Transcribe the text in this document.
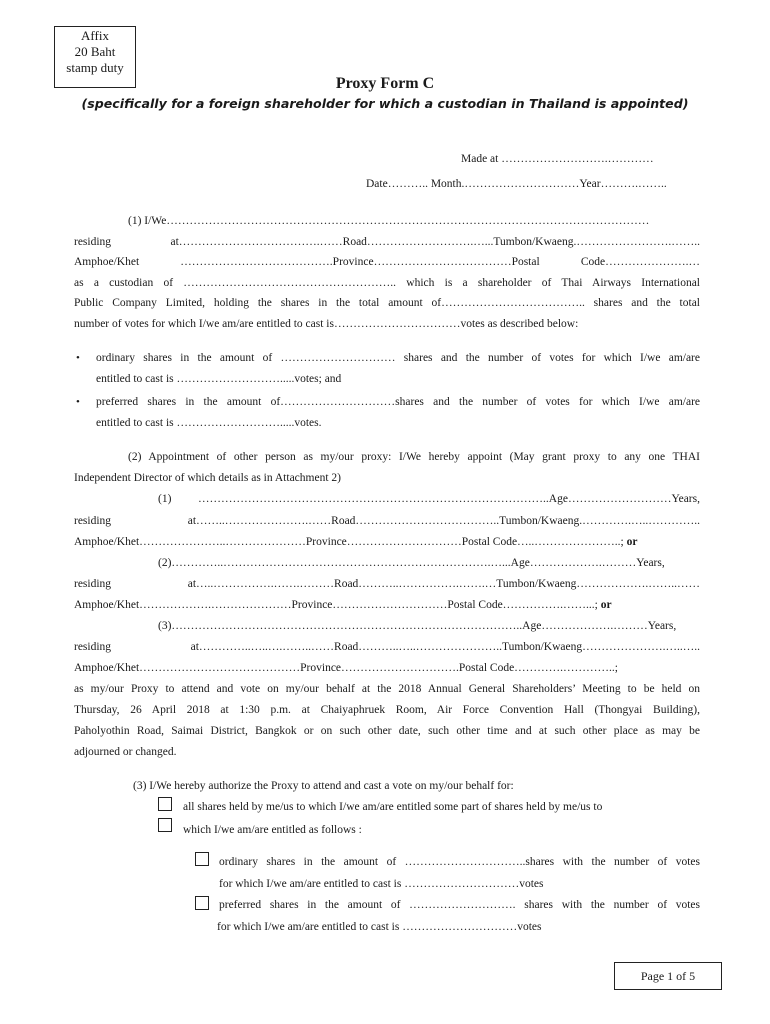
Affix
20 Baht
stamp duty
Proxy Form C
(specifically for a foreign shareholder for which a custodian in Thailand is appointed)
Made at ……………………….…………
Date……….. Month.…………………………Year……….……..
(1) I/We………………………………………………………………………………………………………………
residing at……………………………….……Road……………………….…...Tumbon/Kwaeng.…………………….……..
Amphoe/Khet ………………………………….Province………………………………Postal Code………………….…
as a custodian of ……………………………………………….. which is a shareholder of Thai Airways International
Public Company Limited, holding the shares in the total amount of……………………………….. shares and the total
number of votes for which I/we am/are entitled to cast is……………………………votes as described below:
• ordinary shares in the amount of ………………………… shares and the number of votes for which I/we am/are
entitled to cast is ……………………….....votes; and
• preferred shares in the amount of…………………………shares and the number of votes for which I/we am/are
entitled to cast is ……………………….....votes.
(2) Appointment of other person as my/our proxy: I/We hereby appoint (May grant proxy to any one THAI
Independent Director of which details as in Attachment 2)
(1) ………………………………………………………………………………..Age………………………Years,
residing at……..………………….……Road………………………………..Tumbon/Kwaeng.………….…..…………..
Amphoe/Khet…………………..…………………Province…………………………Postal Code…..…………………..; or
(2)…………..…………………………………………………………….…...Age……………….………Years,
residing at…..…………….…….………Road………..…………….…….…Tumbon/Kwaeng……………….……..……
Amphoe/Khet……………….…………………Province…………………………Postal Code…………….……...; or
(3)………………………………………………………………………………..Age……………….………Years,
residing at…………..…..….……..……Road………..…..…………………..Tumbon/Kwaeng………………….…..…..
Amphoe/Khet……………………………………Province………………………….Postal Code………….…………..;
as my/our Proxy to attend and vote on my/our behalf at the 2018 Annual General Shareholders’ Meeting to be held on
Thursday, 26 April 2018 at 1:30 p.m. at Chaiyaphruek Room, Air Force Convention Hall (Thongyai Building),
Paholyothin Road, Saimai District, Bangkok or on such other date, such other time and at such other place as may be
adjourned or changed.
(3) I/We hereby authorize the Proxy to attend and cast a vote on my/our behalf for:
all shares held by me/us to which I/we am/are entitled some part of shares held by me/us to
which I/we am/are entitled as follows :
ordinary shares in the amount of …………………………..shares with the number of votes
for which I/we am/are entitled to cast is …………………………votes
preferred shares in the amount of ………………………. shares with the number of votes
for which I/we am/are entitled to cast is …………………………votes
Page 1 of 5
